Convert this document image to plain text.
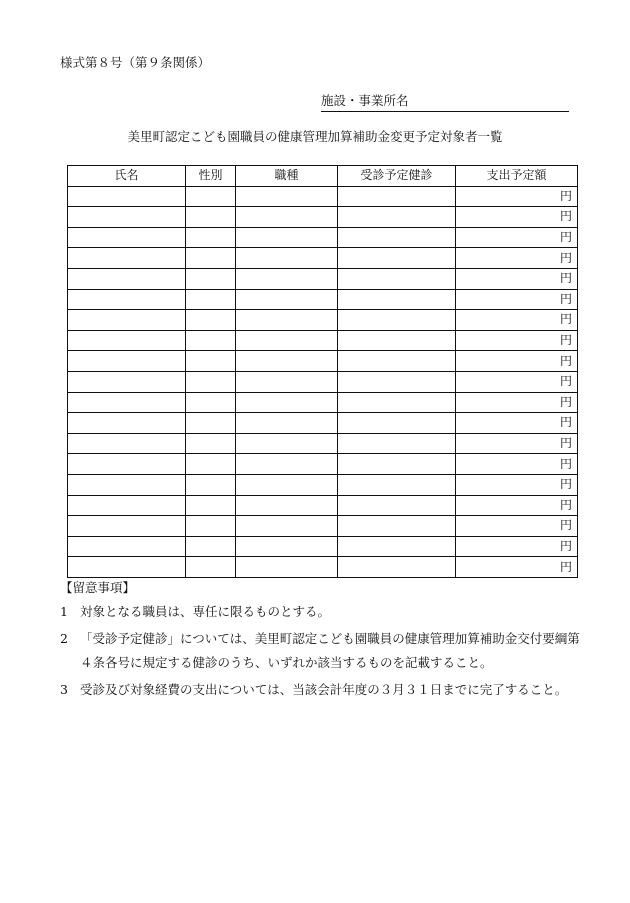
様式第８号（第９条関係）
施設・事業所名
美里町認定こども園職員の健康管理加算補助金変更予定対象者一覧
氏名	性別	職種	受診予定健診	支出予定額
				円
				円
				円
				円
				円
				円
				円
				円
				円
				円
				円
				円
				円
				円
				円
				円
				円
				円
				円
【留意事項】
1 対象となる職員は、専任に限るものとする。
2 「受診予定健診」については、美里町認定こども園職員の健康管理加算補助金交付要綱第４条各号に規定する健診のうち、いずれか該当するものを記載すること。
3 受診及び対象経費の支出については、当該会計年度の３月３１日までに完了すること。
